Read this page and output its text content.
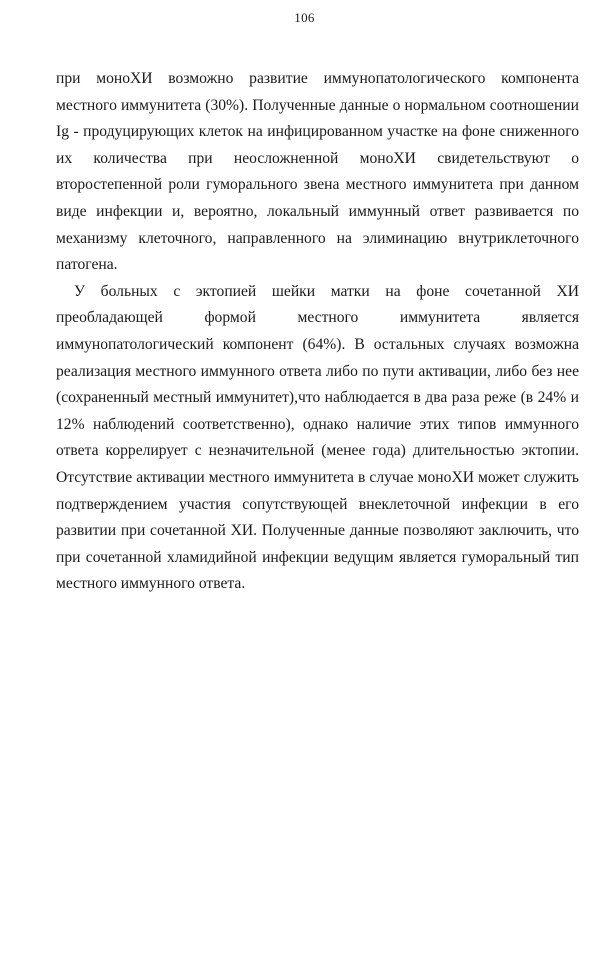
106

при моноХИ возможно развитие иммунопатологического компонента местного иммунитета (30%). Полученные данные о нормальном соотношении Ig - продуцирующих клеток на инфицированном участке на фоне сниженного их количества при неосложненной моноХИ свидетельствуют о второстепенной роли гуморального звена местного иммунитета при данном виде инфекции и, вероятно, локальный иммунный ответ развивается по механизму клеточного, направленного на элиминацию внутриклеточного патогена.

У больных с эктопией шейки матки на фоне сочетанной ХИ преобладающей формой местного иммунитета является иммунопатологический компонент (64%). В остальных случаях возможна реализация местного иммунного ответа либо по пути активации, либо без нее (сохраненный местный иммунитет),что наблюдается в два раза реже (в 24% и 12% наблюдений соответственно), однако наличие этих типов иммунного ответа коррелирует с незначительной (менее года) длительностью эктопии. Отсутствие активации местного иммунитета в случае моноХИ может служить подтверждением участия сопутствующей внеклеточной инфекции в его развитии при сочетанной ХИ. Полученные данные позволяют заключить, что при сочетанной хламидийной инфекции ведущим является гуморальный тип местного иммунного ответа.
